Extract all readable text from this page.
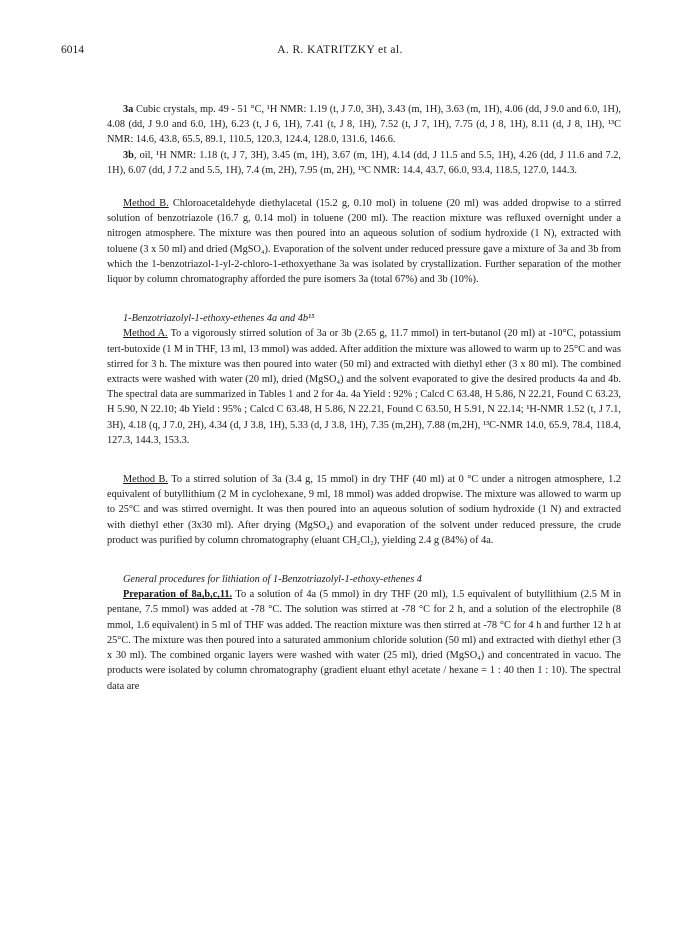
6014	A. R. KATRITZKY et al.

3a Cubic crystals, mp. 49 - 51 °C, ¹H NMR: 1.19 (t, J 7.0, 3H), 3.43 (m, 1H), 3.63 (m, 1H), 4.06 (dd, J 9.0 and 6.0, 1H), 4.08 (dd, J 9.0 and 6.0, 1H), 6.23 (t, J 6, 1H), 7.41 (t, J 8, 1H), 7.52 (t, J 7, 1H), 7.75 (d, J 8, 1H), 8.11 (d, J 8, 1H), ¹³C NMR: 14.6, 43.8, 65.5, 89.1, 110.5, 120.3, 124.4, 128.0, 131.6, 146.6.

3b, oil, ¹H NMR: 1.18 (t, J 7, 3H), 3.45 (m, 1H), 3.67 (m, 1H), 4.14 (dd, J 11.5 and 5.5, 1H), 4.26 (dd, J 11.6 and 7.2, 1H), 6.07 (dd, J 7.2 and 5.5, 1H), 7.4 (m, 2H), 7.95 (m, 2H), ¹³C NMR: 14.4, 43.7, 66.0, 93.4, 118.5, 127.0, 144.3.

Method B. Chloroacetaldehyde diethylacetal (15.2 g, 0.10 mol) in toluene (20 ml) was added dropwise to a stirred solution of benzotriazole (16.7 g, 0.14 mol) in toluene (200 ml). The reaction mixture was refluxed overnight under a nitrogen atmosphere. The mixture was then poured into an aqueous solution of sodium hydroxide (1 N), extracted with toluene (3 x 50 ml) and dried (MgSO₄). Evaporation of the solvent under reduced pressure gave a mixture of 3a and 3b from which the 1-benzotriazol-1-yl-2-chloro-1-ethoxyethane 3a was isolated by crystallization. Further separation of the mother liquor by column chromatography afforded the pure isomers 3a (total 67%) and 3b (10%).

1-Benzotriazolyl-1-ethoxy-ethenes 4a and 4b¹⁵

Method A. To a vigorously stirred solution of 3a or 3b (2.65 g, 11.7 mmol) in tert-butanol (20 ml) at -10°C, potassium tert-butoxide (1 M in THF, 13 ml, 13 mmol) was added. After addition the mixture was allowed to warm up to 25°C and was stirred for 3 h. The mixture was then poured into water (50 ml) and extracted with diethyl ether (3 x 80 ml). The combined extracts were washed with water (20 ml), dried (MgSO₄) and the solvent evaporated to give the desired products 4a and 4b. The spectral data are summarized in Tables 1 and 2 for 4a. 4a Yield : 92% ; Calcd C 63.48, H 5.86, N 22.21, Found C 63.23, H 5.90, N 22.10; 4b Yield : 95% ; Calcd C 63.48, H 5.86, N 22.21, Found C 63.50, H 5.91, N 22.14; ¹H-NMR 1.52 (t, J 7.1, 3H), 4.18 (q, J 7.0, 2H), 4.34 (d, J 3.8, 1H), 5.33 (d, J 3.8, 1H), 7.35 (m,2H), 7.88 (m,2H), ¹³C-NMR 14.0, 65.9, 78.4, 118.4, 127.3, 144.3, 153.3.

Method B. To a stirred solution of 3a (3.4 g, 15 mmol) in dry THF (40 ml) at 0 °C under a nitrogen atmosphere, 1.2 equivalent of butyllithium (2 M in cyclohexane, 9 ml, 18 mmol) was added dropwise. The mixture was allowed to warm up to 25°C and was stirred overnight. It was then poured into an aqueous solution of sodium hydroxide (1 N) and extracted with diethyl ether (3x30 ml). After drying (MgSO₄) and evaporation of the solvent under reduced pressure, the crude product was purified by column chromatography (eluant CH₂Cl₂), yielding 2.4 g (84%) of 4a.

General procedures for lithiation of 1-Benzotriazolyl-1-ethoxy-ethenes 4

Preparation of 8a,b,c,11. To a solution of 4a (5 mmol) in dry THF (20 ml), 1.5 equivalent of butyllithium (2.5 M in pentane, 7.5 mmol) was added at -78 °C. The solution was stirred at -78 °C for 2 h, and a solution of the electrophile (8 mmol, 1.6 equivalent) in 5 ml of THF was added. The reaction mixture was then stirred at -78 °C for 4 h and further 12 h at 25°C. The mixture was then poured into a saturated ammonium chloride solution (50 ml) and extracted with diethyl ether (3 x 30 ml). The combined organic layers were washed with water (25 ml), dried (MgSO₄) and concentrated in vacuo. The products were isolated by column chromatography (gradient eluant ethyl acetate / hexane = 1 : 40 then 1 : 10). The spectral data are
